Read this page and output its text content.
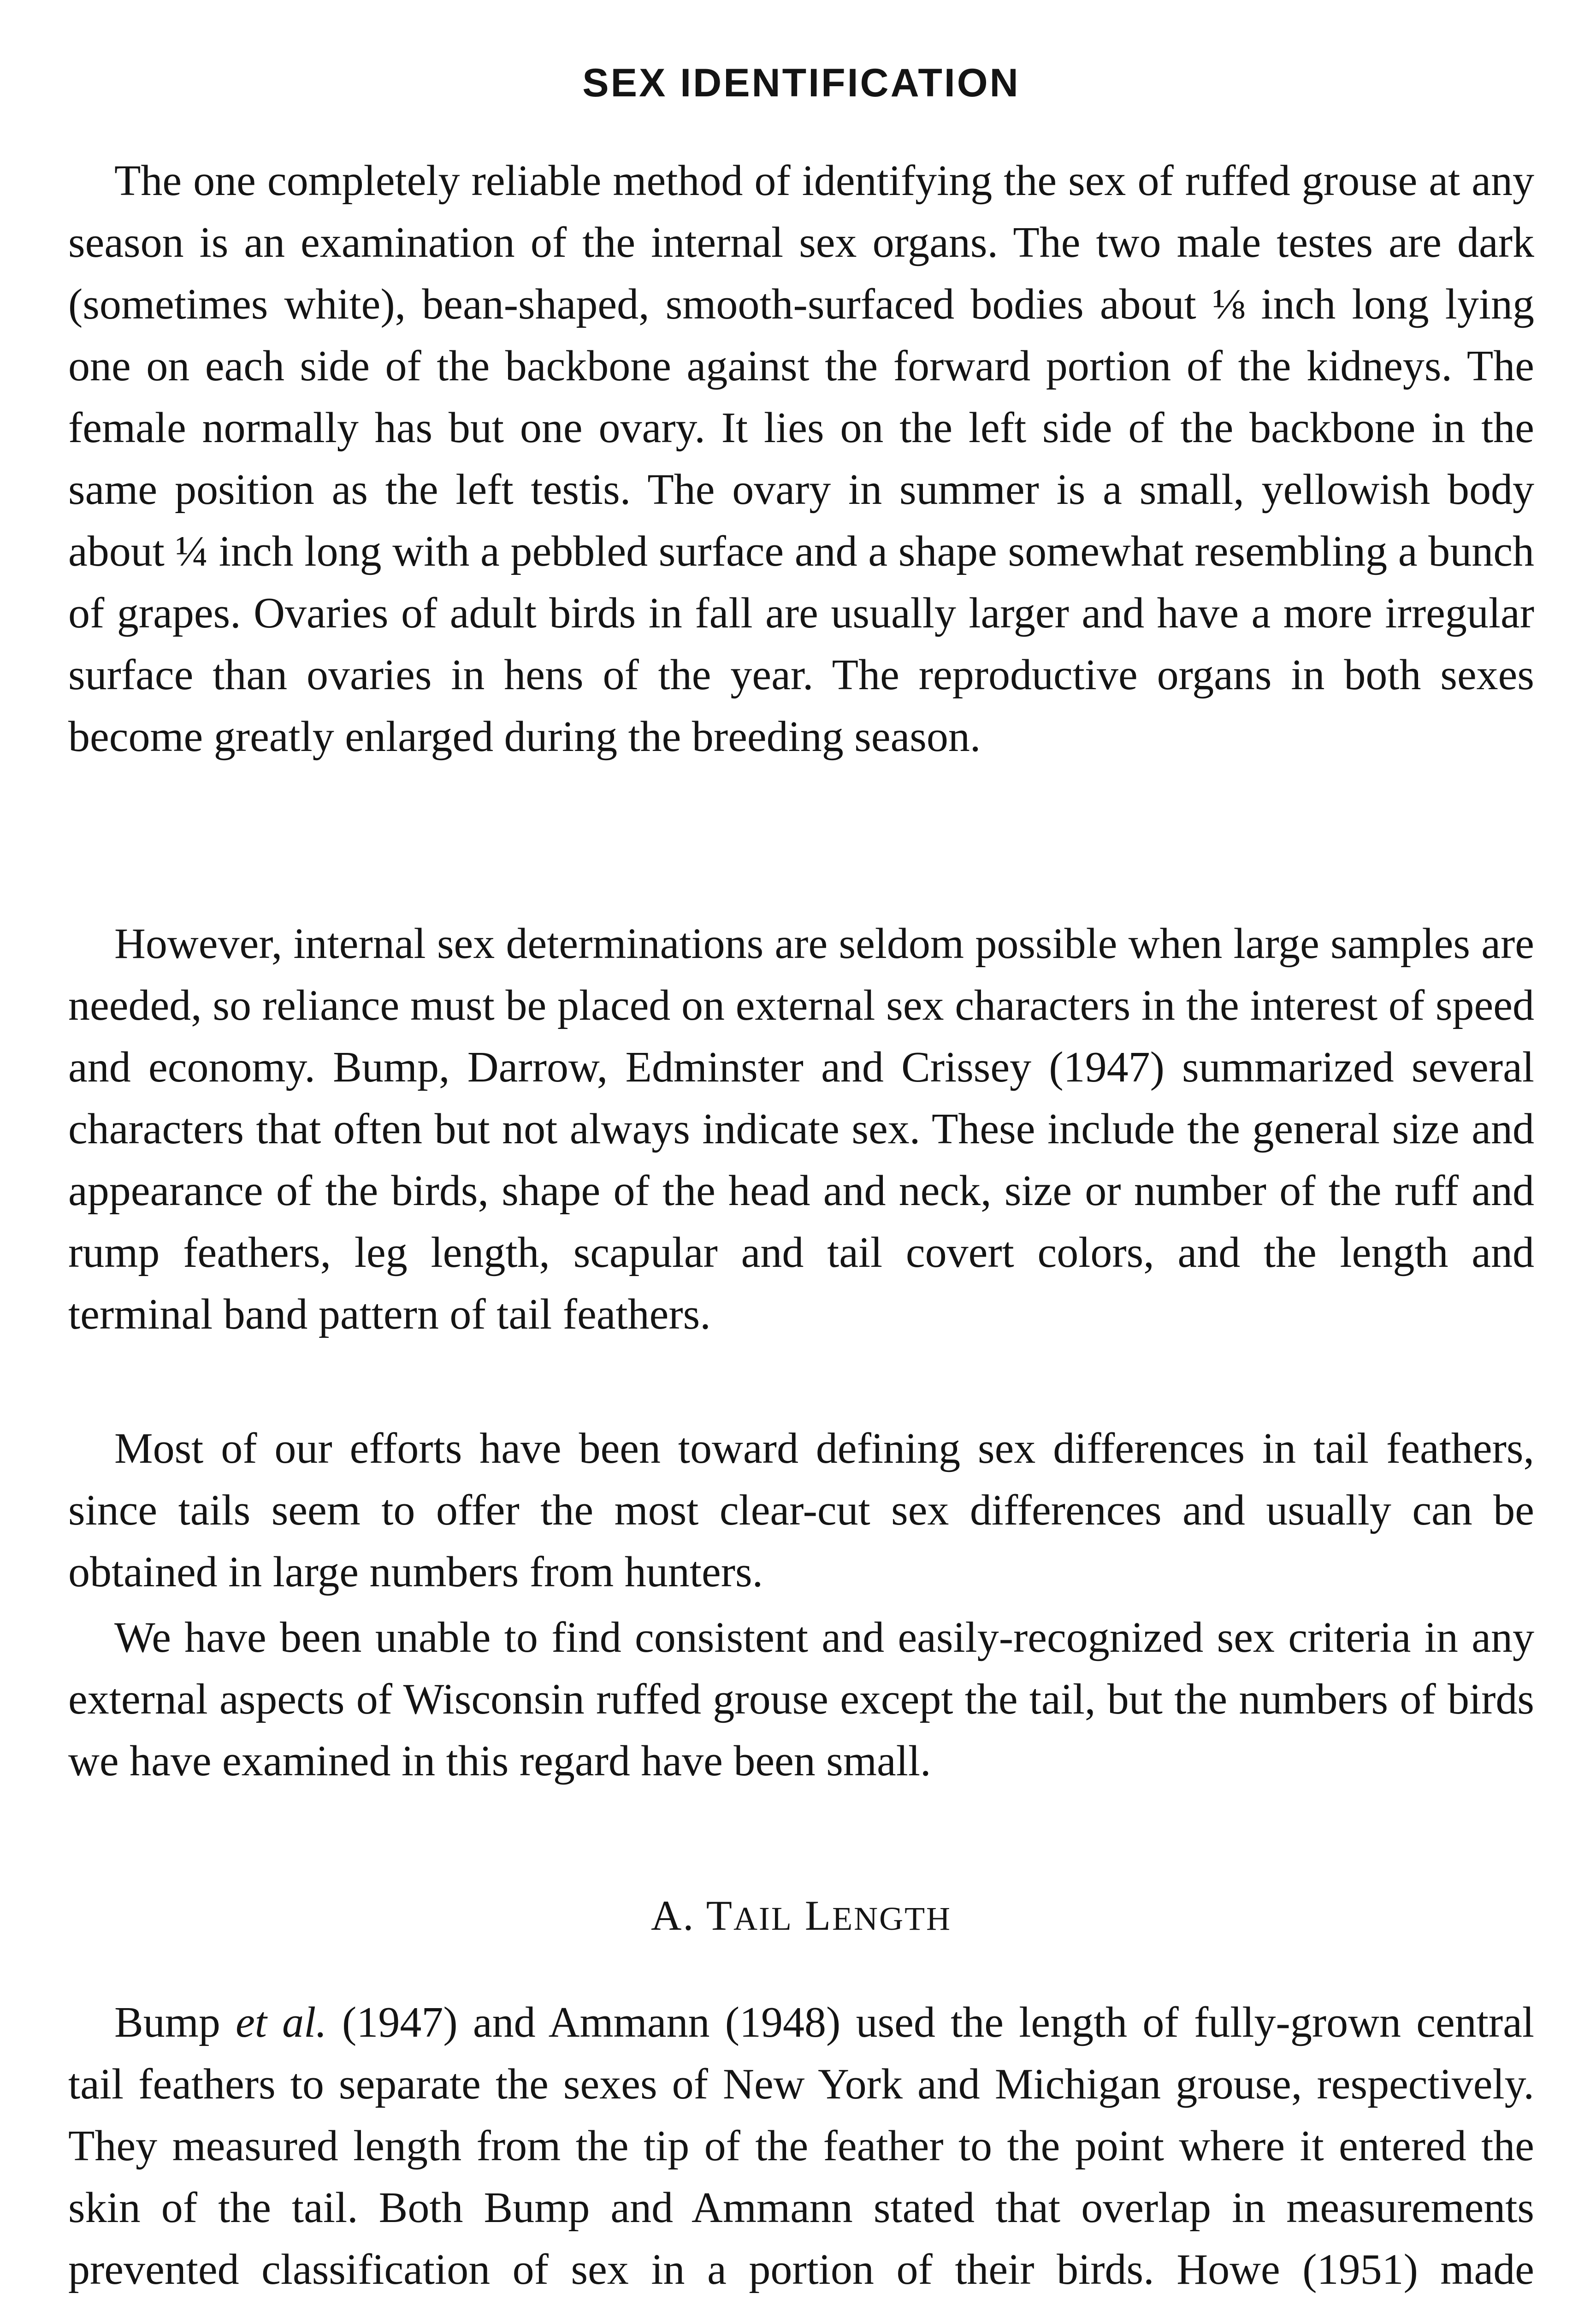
SEX IDENTIFICATION

The one completely reliable method of identifying the sex of ruffed grouse at any season is an examination of the internal sex organs. The two male testes are dark (sometimes white), bean-shaped, smooth-surfaced bodies about ⅛ inch long lying one on each side of the backbone against the forward portion of the kidneys. The female normally has but one ovary. It lies on the left side of the backbone in the same position as the left testis. The ovary in summer is a small, yellowish body about ¼ inch long with a pebbled surface and a shape somewhat resembling a bunch of grapes. Ovaries of adult birds in fall are usually larger and have a more irregular surface than ovaries in hens of the year. The reproductive organs in both sexes become greatly enlarged during the breeding season.

However, internal sex determinations are seldom possible when large samples are needed, so reliance must be placed on external sex characters in the interest of speed and economy. Bump, Darrow, Edminster and Crissey (1947) summarized several characters that often but not always indicate sex. These include the general size and appearance of the birds, shape of the head and neck, size or number of the ruff and rump feathers, leg length, scapular and tail covert colors, and the length and terminal band pattern of tail feathers.

Most of our efforts have been toward defining sex differences in tail feathers, since tails seem to offer the most clear-cut sex differences and usually can be obtained in large numbers from hunters.

We have been unable to find consistent and easily-recognized sex criteria in any external aspects of Wisconsin ruffed grouse except the tail, but the numbers of birds we have examined in this regard have been small.

A. TAIL LENGTH

Bump et al. (1947) and Ammann (1948) used the length of fully-grown central tail feathers to separate the sexes of New York and Michigan grouse, respectively. They measured length from the tip of the feather to the point where it entered the skin of the tail. Both Bump and Ammann stated that overlap in measurements prevented classification of sex in a portion of their birds. Howe (1951) made
